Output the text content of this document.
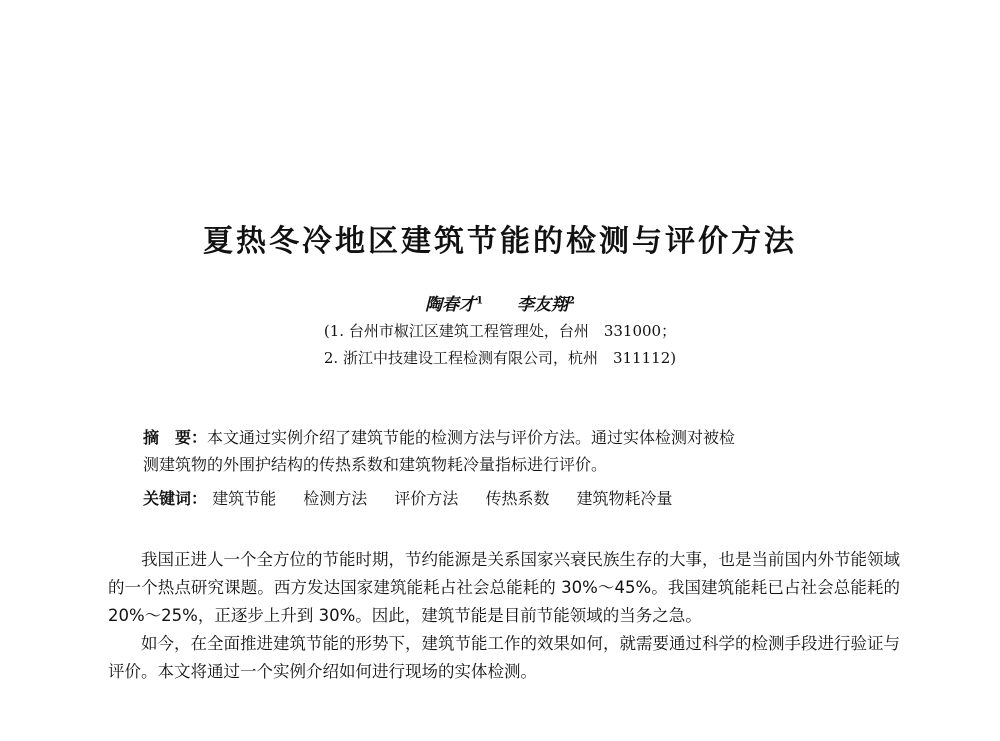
夏热冬冷地区建筑节能的检测与评价方法
陶春才$^1$ 李友翔$^2$
(1. 台州市椒江区建筑工程管理处，台州　331000；
2. 浙江中技建设工程检测有限公司，杭州　311112)
摘　要：本文通过实例介绍了建筑节能的检测方法与评价方法。通过实体检测对被检
测建筑物的外围护结构的传热系数和建筑物耗冷量指标进行评价。
关键词： 建筑节能 检测方法 评价方法 传热系数 建筑物耗冷量

我国正进人一个全方位的节能时期，节约能源是关系国家兴衰民族生存的大事，也是当前国内外节能领域的一个热点研究课题。西方发达国家建筑能耗占社会总能耗的 30%～45%。我国建筑能耗已占社会总能耗的 20%～25%，正逐步上升到 30%。因此，建筑节能是目前节能领域的当务之急。

如今，在全面推进建筑节能的形势下，建筑节能工作的效果如何，就需要通过科学的检测手段进行验证与评价。本文将通过一个实例介绍如何进行现场的实体检测。
